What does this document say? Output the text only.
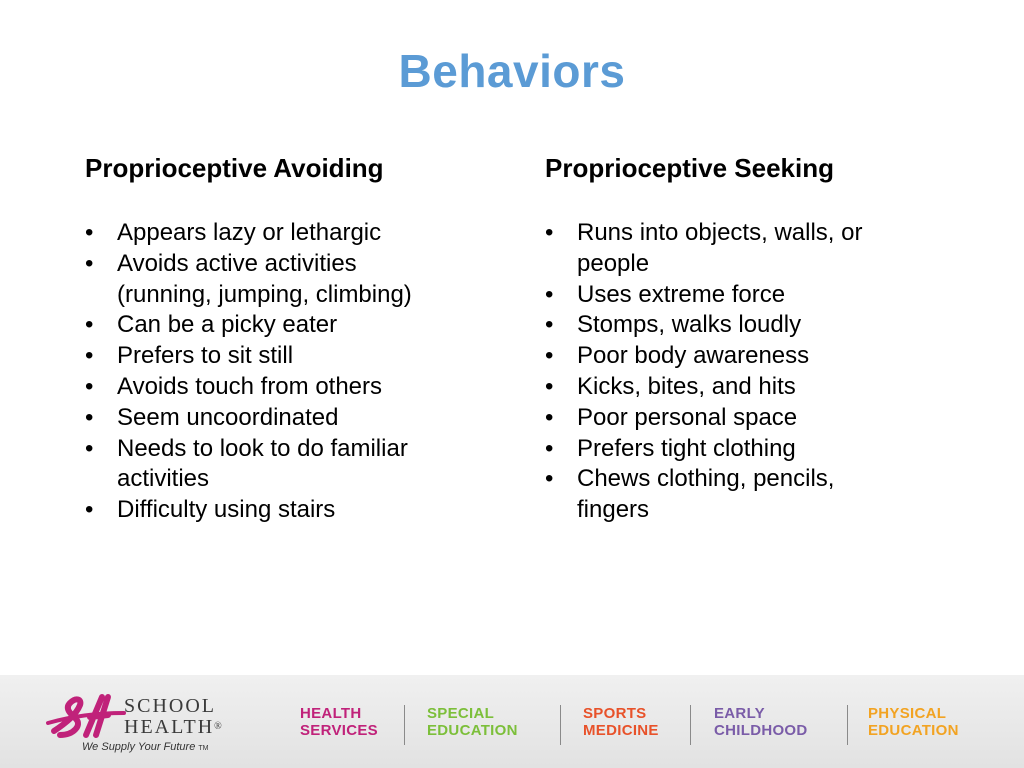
Behaviors
Proprioceptive Avoiding
• Appears lazy or lethargic
• Avoids active activities
(running, jumping, climbing)
• Can be a picky eater
• Prefers to sit still
• Avoids touch from others
• Seem uncoordinated
• Needs to look to do familiar
activities
• Difficulty using stairs
Proprioceptive Seeking
• Runs into objects, walls, or
people
• Uses extreme force
• Stomps, walks loudly
• Poor body awareness
• Kicks, bites, and hits
• Poor personal space
• Prefers tight clothing
• Chews clothing, pencils,
fingers
SCHOOL
HEALTH®
We Supply Your Future TM
HEALTH
SERVICES
SPECIAL
EDUCATION
SPORTS
MEDICINE
EARLY
CHILDHOOD
PHYSICAL
EDUCATION
